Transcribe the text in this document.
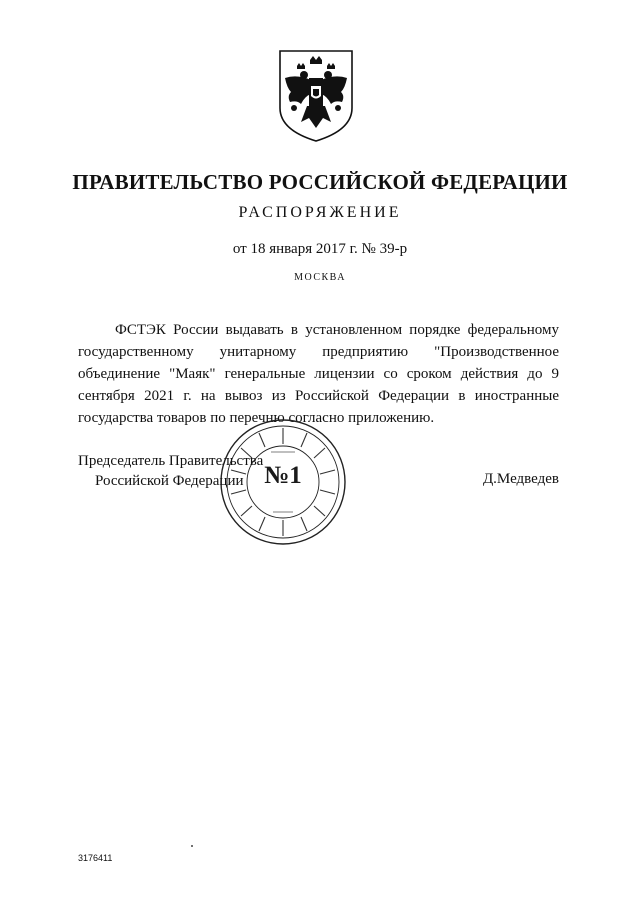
ПРАВИТЕЛЬСТВО РОССИЙСКОЙ ФЕДЕРАЦИИ
РАСПОРЯЖЕНИЕ
от 18 января 2017 г. № 39-р
МОСКВА
ФСТЭК России выдавать в установленном порядке федеральному государственному унитарному предприятию "Производственное объединение "Маяк" генеральные лицензии со сроком действия до 9 сентября 2021 г. на вывоз из Российской Федерации в иностранные государства товаров по перечню согласно приложению.
№1
Председатель Правительства
Российской Федерации	Д.Медведев
3176411
